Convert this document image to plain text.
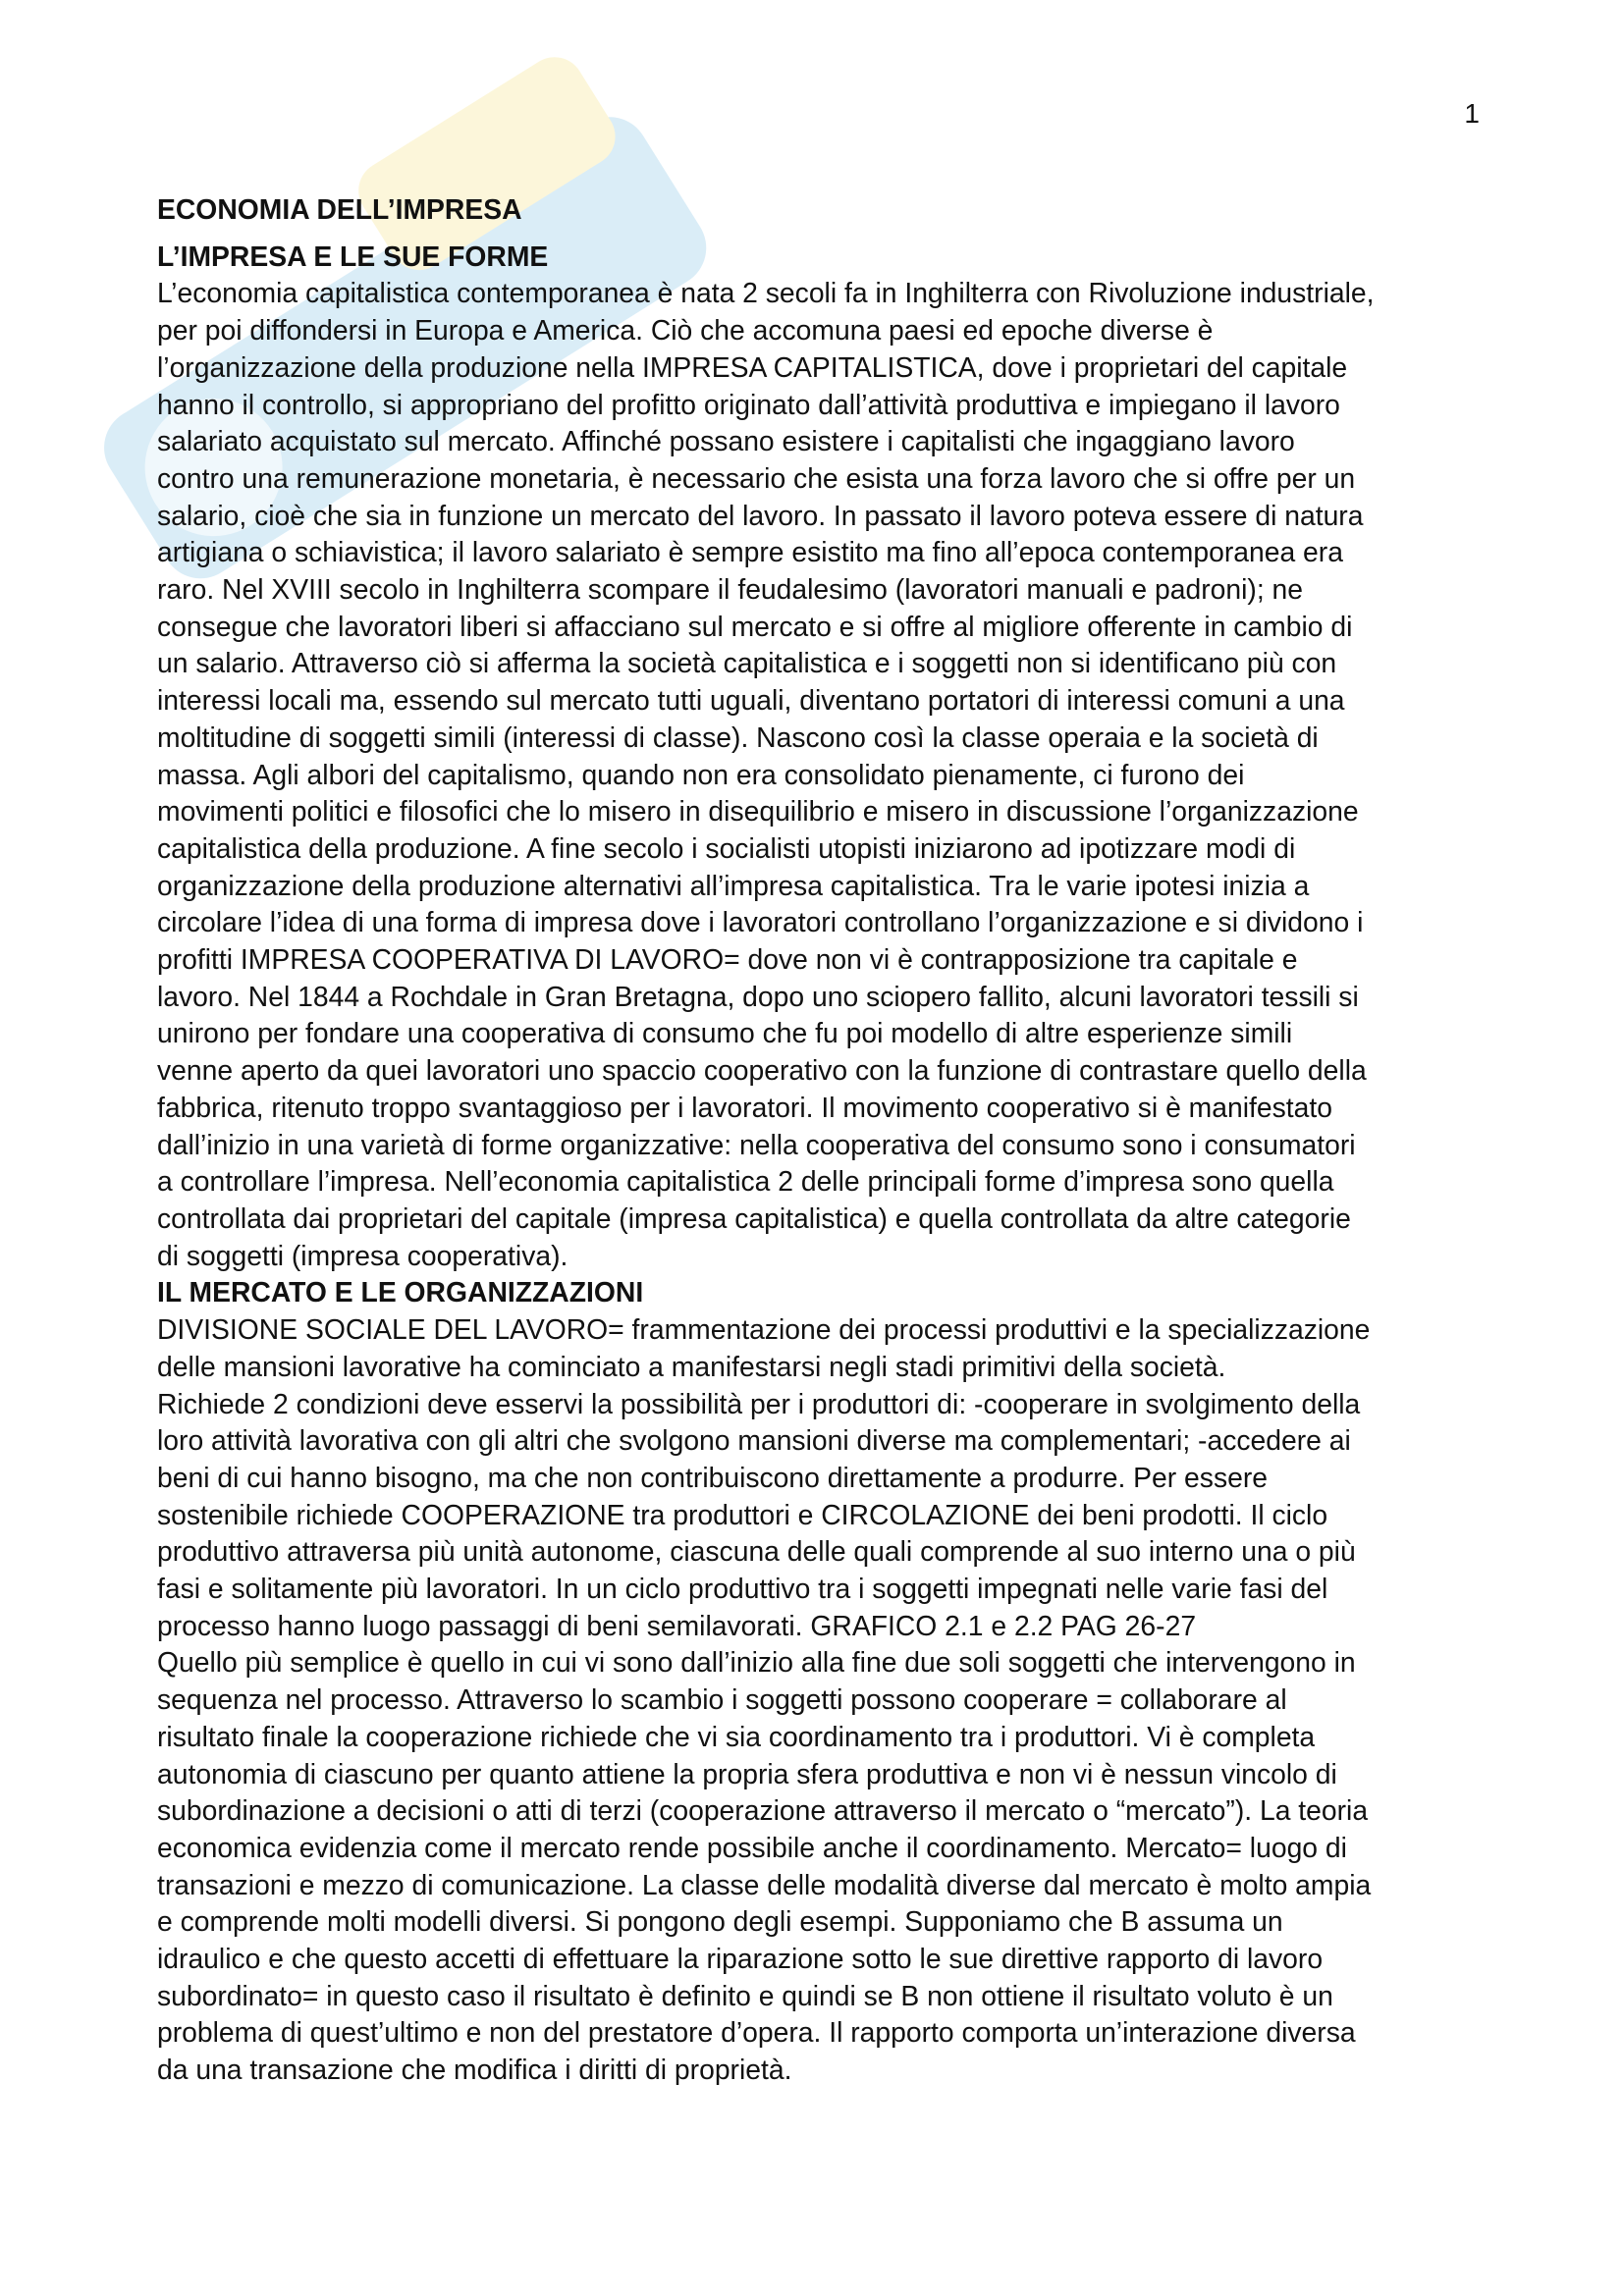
1
ECONOMIA DELL’IMPRESA
L’IMPRESA E LE SUE FORME

L’economia capitalistica contemporanea è nata 2 secoli fa in Inghilterra con Rivoluzione industriale,
per poi diffondersi in Europa e America. Ciò che accomuna paesi ed epoche diverse è
l’organizzazione della produzione nella IMPRESA CAPITALISTICA, dove i proprietari del capitale
hanno il controllo, si appropriano del profitto originato dall’attività produttiva e impiegano il lavoro
salariato acquistato sul mercato. Affinché possano esistere i capitalisti che ingaggiano lavoro
contro una remunerazione monetaria, è necessario che esista una forza lavoro che si offre per un
salario, cioè che sia in funzione un mercato del lavoro. In passato il lavoro poteva essere di natura
artigiana o schiavistica; il lavoro salariato è sempre esistito ma fino all’epoca contemporanea era
raro. Nel XVIII secolo in Inghilterra scompare il feudalesimo (lavoratori manuali e padroni); ne
consegue che lavoratori liberi si affacciano sul mercato e si offre al migliore offerente in cambio di
un salario. Attraverso ciò si afferma la società capitalistica e i soggetti non si identificano più con
interessi locali ma, essendo sul mercato tutti uguali, diventano portatori di interessi comuni a una
moltitudine di soggetti simili (interessi di classe). Nascono così la classe operaia e la società di
massa. Agli albori del capitalismo, quando non era consolidato pienamente, ci furono dei
movimenti politici e filosofici che lo misero in disequilibrio e misero in discussione l’organizzazione
capitalistica della produzione. A fine secolo i socialisti utopisti iniziarono ad ipotizzare modi di
organizzazione della produzione alternativi all’impresa capitalistica. Tra le varie ipotesi inizia a
circolare l’idea di una forma di impresa dove i lavoratori controllano l’organizzazione e si dividono i
profitti IMPRESA COOPERATIVA DI LAVORO= dove non vi è contrapposizione tra capitale e
lavoro. Nel 1844 a Rochdale in Gran Bretagna, dopo uno sciopero fallito, alcuni lavoratori tessili si
unirono per fondare una cooperativa di consumo che fu poi modello di altre esperienze simili
venne aperto da quei lavoratori uno spaccio cooperativo con la funzione di contrastare quello della
fabbrica, ritenuto troppo svantaggioso per i lavoratori. Il movimento cooperativo si è manifestato
dall’inizio in una varietà di forme organizzative: nella cooperativa del consumo sono i consumatori
a controllare l’impresa. Nell’economia capitalistica 2 delle principali forme d’impresa sono quella
controllata dai proprietari del capitale (impresa capitalistica) e quella controllata da altre categorie
di soggetti (impresa cooperativa).

IL MERCATO E LE ORGANIZZAZIONI

DIVISIONE SOCIALE DEL LAVORO= frammentazione dei processi produttivi e la specializzazione
delle mansioni lavorative ha cominciato a manifestarsi negli stadi primitivi della società.
Richiede 2 condizioni deve esservi la possibilità per i produttori di: -cooperare in svolgimento della
loro attività lavorativa con gli altri che svolgono mansioni diverse ma complementari; -accedere ai
beni di cui hanno bisogno, ma che non contribuiscono direttamente a produrre. Per essere
sostenibile richiede COOPERAZIONE tra produttori e CIRCOLAZIONE dei beni prodotti. Il ciclo
produttivo attraversa più unità autonome, ciascuna delle quali comprende al suo interno una o più
fasi e solitamente più lavoratori. In un ciclo produttivo tra i soggetti impegnati nelle varie fasi del
processo hanno luogo passaggi di beni semilavorati. GRAFICO 2.1 e 2.2 PAG 26-27
Quello più semplice è quello in cui vi sono dall’inizio alla fine due soli soggetti che intervengono in
sequenza nel processo. Attraverso lo scambio i soggetti possono cooperare = collaborare al
risultato finale la cooperazione richiede che vi sia coordinamento tra i produttori. Vi è completa
autonomia di ciascuno per quanto attiene la propria sfera produttiva e non vi è nessun vincolo di
subordinazione a decisioni o atti di terzi (cooperazione attraverso il mercato o “mercato”). La teoria
economica evidenzia come il mercato rende possibile anche il coordinamento. Mercato= luogo di
transazioni e mezzo di comunicazione. La classe delle modalità diverse dal mercato è molto ampia
e comprende molti modelli diversi. Si pongono degli esempi. Supponiamo che B assuma un
idraulico e che questo accetti di effettuare la riparazione sotto le sue direttive rapporto di lavoro
subordinato= in questo caso il risultato è definito e quindi se B non ottiene il risultato voluto è un
problema di quest’ultimo e non del prestatore d’opera. Il rapporto comporta un’interazione diversa
da una transazione che modifica i diritti di proprietà.
